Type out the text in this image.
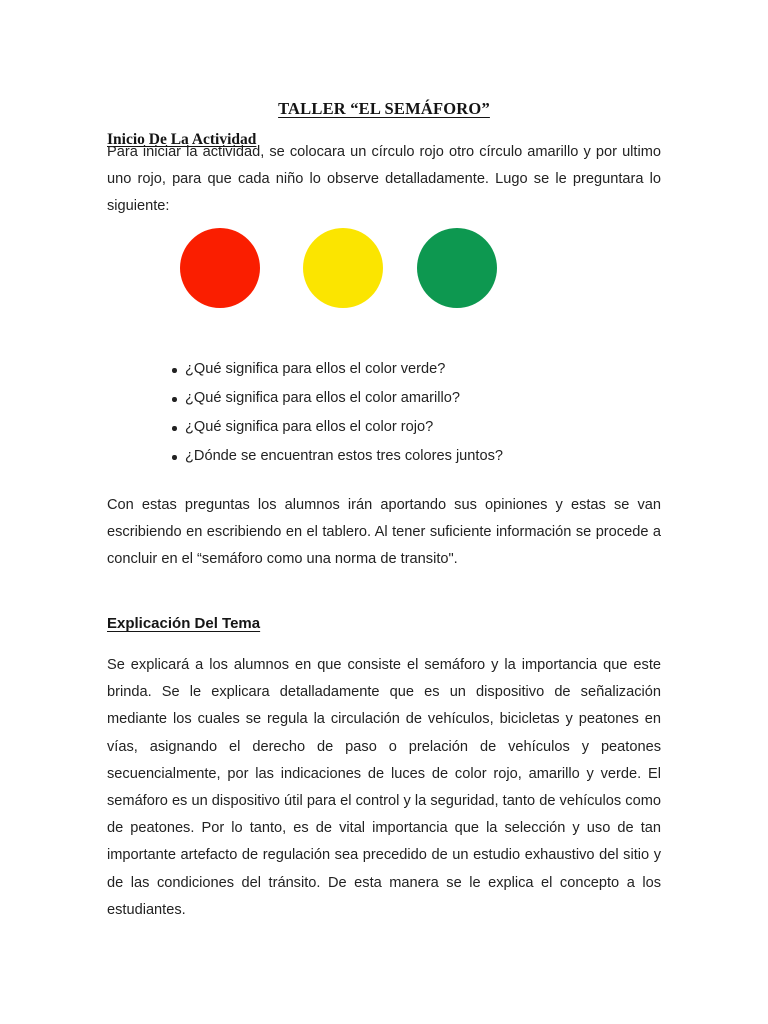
TALLER “EL SEMÁFORO”
Inicio De La Actividad

Para iniciar la actividad, se colocara un círculo rojo otro círculo amarillo y por ultimo uno rojo, para que cada niño lo observe detalladamente. Lugo se le preguntara lo siguiente:

¿Qué significa para ellos el color verde?
¿Qué significa para ellos el color amarillo?
¿Qué significa para ellos el color rojo?
¿Dónde se encuentran estos tres colores juntos?

Con estas preguntas los alumnos irán aportando sus opiniones y estas se van escribiendo en escribiendo en el tablero. Al tener suficiente información se procede a concluir en el “semáforo como una norma de transito".

Explicación Del Tema

Se explicará a los alumnos en que consiste el semáforo y la importancia que este brinda. Se le explicara detalladamente que es un dispositivo de señalización mediante los cuales se regula la circulación de vehículos, bicicletas y peatones en vías, asignando el derecho de paso o prelación de vehículos y peatones secuencialmente, por las indicaciones de luces de color rojo, amarillo y verde. El semáforo es un dispositivo útil para el control y la seguridad, tanto de vehículos como de peatones. Por lo tanto, es de vital importancia que la selección y uso de tan importante artefacto de regulación sea precedido de un estudio exhaustivo del sitio y de las condiciones del tránsito. De esta manera se le explica el concepto a los estudiantes.
